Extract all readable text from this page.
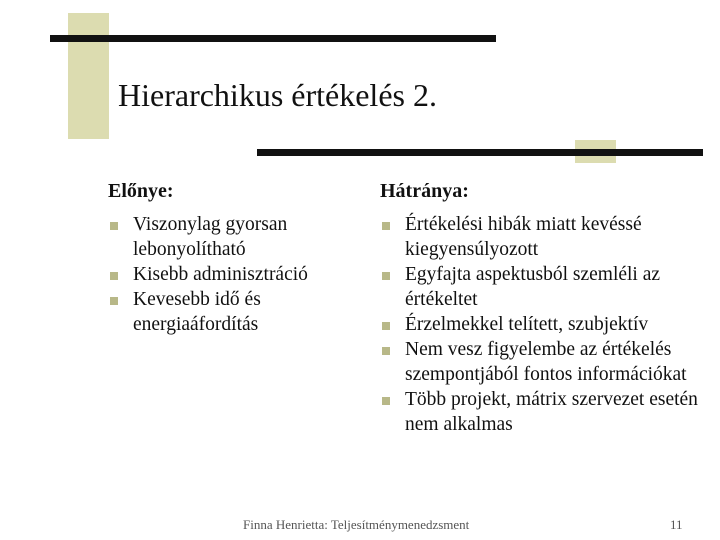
Hierarchikus értékelés 2.
Előnye:
Viszonylag gyorsan lebonyolítható
Kisebb adminisztráció
Kevesebb idő és energiaáfordítás
Hátránya:
Értékelési hibák miatt kevéssé kiegyensúlyozott
Egyfajta aspektusból szemléli az értékeltet
Érzelmekkel telített, szubjektív
Nem vesz figyelembe az értékelés szempontjából fontos információkat
Több projekt, mátrix szervezet esetén nem alkalmas
Finna Henrietta: Teljesítménymenedzsment	11
